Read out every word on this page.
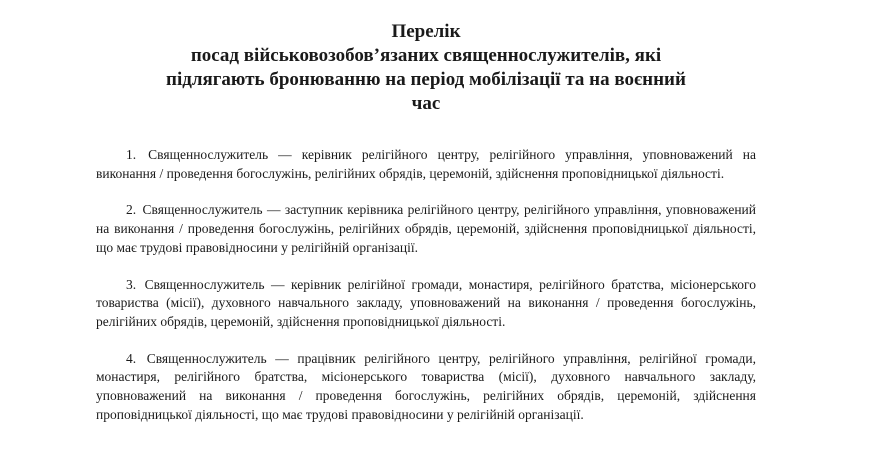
Перелік
посад військовозобов’язаних священнослужителів, які
підлягають бронюванню на період мобілізації та на воєнний
час

1. Священнослужитель — керівник релігійного центру, релігійного управління, уповноважений на виконання / проведення богослужінь, релігійних обрядів, церемоній, здійснення проповідницької діяльності.

2. Священнослужитель — заступник керівника релігійного центру, релігійного управління, уповноважений на виконання / проведення богослужінь, релігійних обрядів, церемоній, здійснення проповідницької діяльності, що має трудові правовідносини у релігійній організації.

3. Священнослужитель — керівник релігійної громади, монастиря, релігійного братства, місіонерського товариства (місії), духовного навчального закладу, уповноважений на виконання / проведення богослужінь, релігійних обрядів, церемоній, здійснення проповідницької діяльності.

4. Священнослужитель — працівник релігійного центру, релігійного управління, релігійної громади, монастиря, релігійного братства, місіонерського товариства (місії), духовного навчального закладу, уповноважений на виконання / проведення богослужінь, релігійних обрядів, церемоній, здійснення проповідницької діяльності, що має трудові правовідносини у релігійній організації.
